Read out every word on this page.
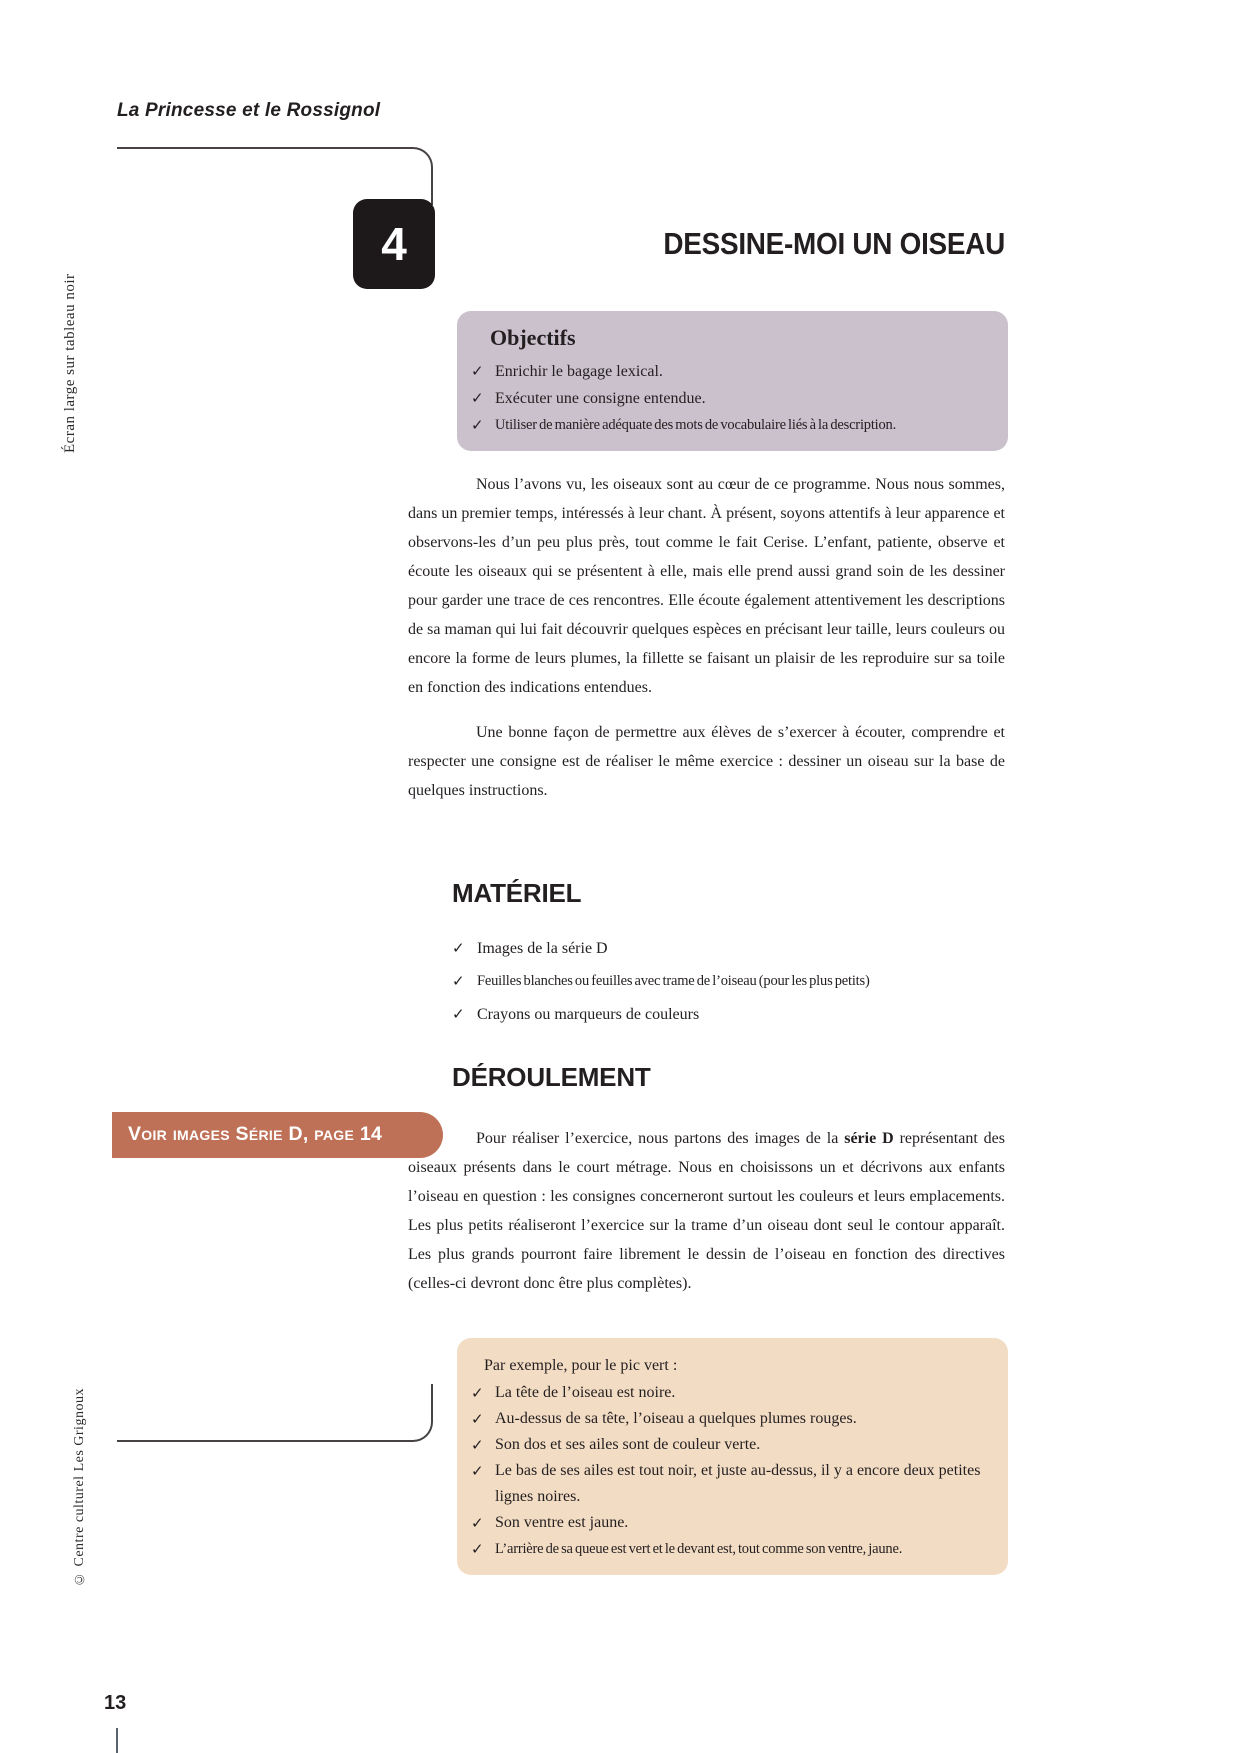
La Princesse et le Rossignol
4	DESSINE-MOI UN OISEAU
Objectifs
✓ Enrichir le bagage lexical.
✓ Exécuter une consigne entendue.
✓ Utiliser de manière adéquate des mots de vocabulaire liés à la description.

Nous l’avons vu, les oiseaux sont au cœur de ce programme. Nous nous sommes, dans un premier temps, intéressés à leur chant. À présent, soyons attentifs à leur apparence et observons-les d’un peu plus près, tout comme le fait Cerise. L’enfant, patiente, observe et écoute les oiseaux qui se présentent à elle, mais elle prend aussi grand soin de les dessiner pour garder une trace de ces rencontres. Elle écoute également attentivement les descriptions de sa maman qui lui fait découvrir quelques espèces en précisant leur taille, leurs couleurs ou encore la forme de leurs plumes, la fillette se faisant un plaisir de les reproduire sur sa toile en fonction des indications entendues.

Une bonne façon de permettre aux élèves de s’exercer à écouter, comprendre et respecter une consigne est de réaliser le même exercice : dessiner un oiseau sur la base de quelques instructions.

MATÉRIEL
✓ Images de la série D
✓ Feuilles blanches ou feuilles avec trame de l’oiseau (pour les plus petits)
✓ Crayons ou marqueurs de couleurs
DÉROULEMENT
Voir images Série D, page 14	Pour réaliser l’exercice, nous partons des images de la série D représentant des oiseaux présents dans le court métrage. Nous en choisissons un et décrivons aux enfants l’oiseau en question : les consignes concerneront surtout les couleurs et leurs emplacements. Les plus petits réaliseront l’exercice sur la trame d’un oiseau dont seul le contour apparaît. Les plus grands pourront faire librement le dessin de l’oiseau en fonction des directives (celles-ci devront donc être plus complètes).

Par exemple, pour le pic vert :
✓ La tête de l’oiseau est noire.
✓ Au-dessus de sa tête, l’oiseau a quelques plumes rouges.
✓ Son dos et ses ailes sont de couleur verte.
✓ Le bas de ses ailes est tout noir, et juste au-dessus, il y a encore deux petites lignes noires.
✓ Son ventre est jaune.
✓ L’arrière de sa queue est vert et le devant est, tout comme son ventre, jaune.
Écran large sur tableau noir
© Centre culturel Les Grignoux
13
